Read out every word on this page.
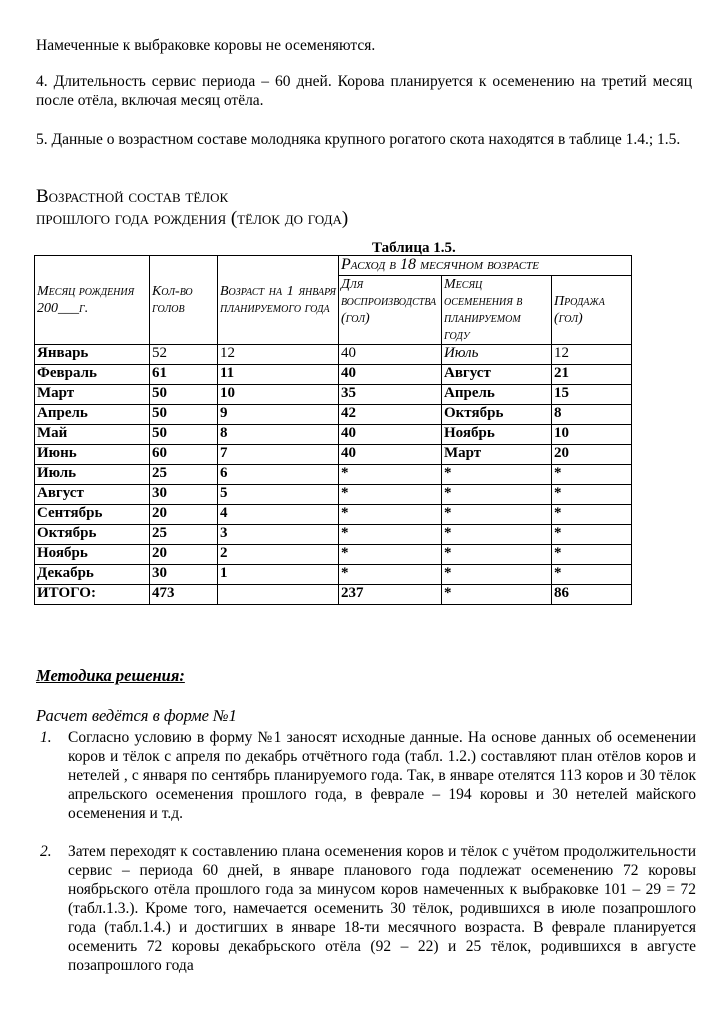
Намеченные к выбраковке коровы не осеменяются.
4. Длительность сервис периода – 60 дней. Корова планируется к осеменению на третий месяц после отёла, включая месяц отёла.
5. Данные о возрастном составе молодняка крупного рогатого скота находятся в таблице 1.4.; 1.5.
Возрастной состав тёлок
прошлого года рождения (тёлок до года)
Таблица 1.5.
Месяц рождения 200___г.	Кол-во голов	Возраст на 1 января планируемого года	Расход в 18 месячном возрасте		
			Для воспроизводства (гол)	Месяц осеменения в планируемом году	Продажа (гол)
Январь	52	12	40	Июль	12
Февраль	61	11	40	Август	21
Март	50	10	35	Апрель	15
Апрель	50	9	42	Октябрь	8
Май	50	8	40	Ноябрь	10
Июнь	60	7	40	Март	20
Июль	25	6	*	*	*
Август	30	5	*	*	*
Сентябрь	20	4	*	*	*
Октябрь	25	3	*	*	*
Ноябрь	20	2	*	*	*
Декабрь	30	1	*	*	*
ИТОГО:	473		237	*	86
Методика решения:
Расчет ведётся в форме №1
1. Согласно условию в форму №1 заносят исходные данные. На основе данных об осеменении коров и тёлок с апреля по декабрь отчётного года (табл. 1.2.) составляют план отёлов коров и нетелей , с января по сентябрь планируемого года. Так, в январе отелятся 113 коров и 30 тёлок апрельского осеменения прошлого года, в феврале – 194 коровы и 30 нетелей майского осеменения и т.д.
2. Затем переходят к составлению плана осеменения коров и тёлок с учётом продолжительности сервис – периода 60 дней, в январе планового года подлежат осеменению 72 коровы ноябрьского отёла прошлого года за минусом коров намеченных к выбраковке 101 – 29 = 72 (табл.1.3.). Кроме того, намечается осеменить 30 тёлок, родившихся в июле позапрошлого года (табл.1.4.) и достигших в январе 18-ти месячного возраста. В феврале планируется осеменить 72 коровы декабрьского отёла (92 – 22) и 25 тёлок, родившихся в августе позапрошлого года
